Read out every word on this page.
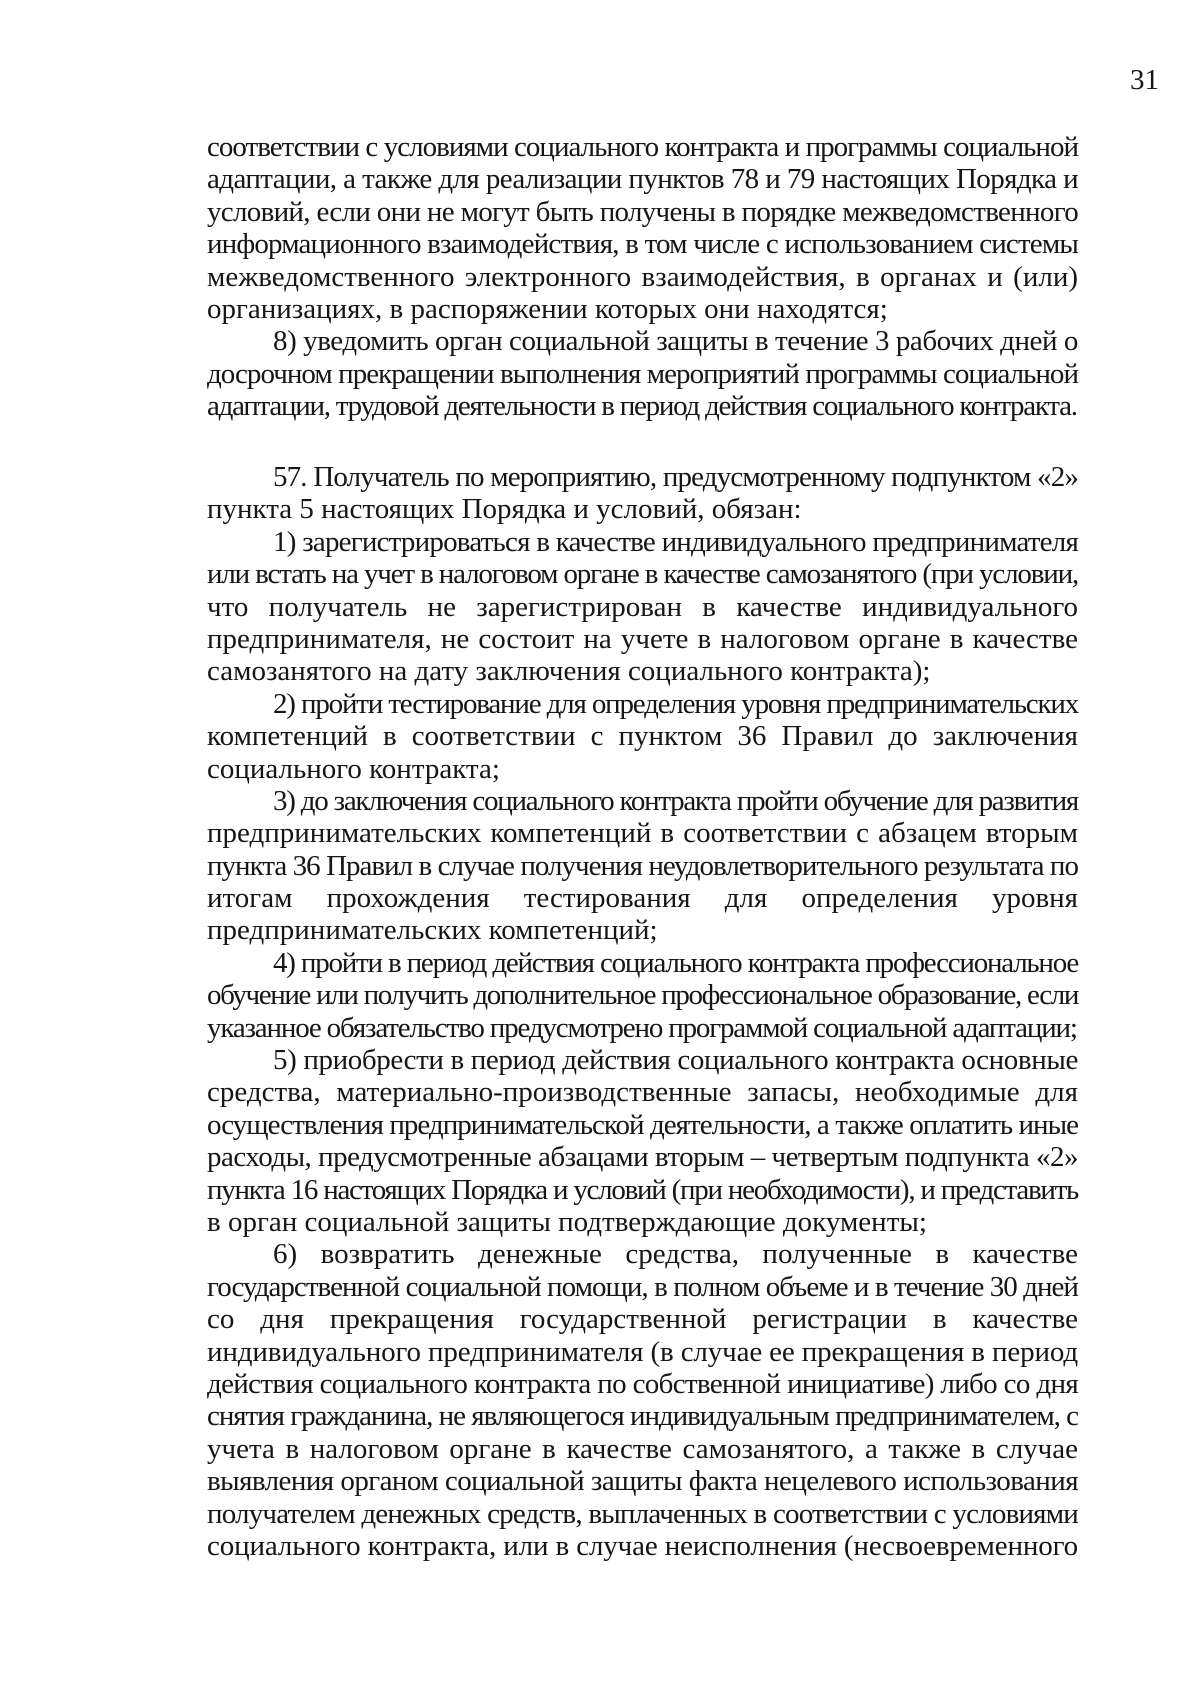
31
соответствии с условиями социального контракта и программы социальной
адаптации, а также для реализации пунктов 78 и 79 настоящих Порядка и
условий, если они не могут быть получены в порядке межведомственного
информационного взаимодействия, в том числе с использованием системы
межведомственного электронного взаимодействия, в органах и (или)
организациях, в распоряжении которых они находятся;
8) уведомить орган социальной защиты в течение 3 рабочих дней о
досрочном прекращении выполнения мероприятий программы социальной
адаптации, трудовой деятельности в период действия социального контракта.
57. Получатель по мероприятию, предусмотренному подпунктом «2»
пункта 5 настоящих Порядка и условий, обязан:
1) зарегистрироваться в качестве индивидуального предпринимателя
или встать на учет в налоговом органе в качестве самозанятого (при условии,
что получатель не зарегистрирован в качестве индивидуального
предпринимателя, не состоит на учете в налоговом органе в качестве
самозанятого на дату заключения социального контракта);
2) пройти тестирование для определения уровня предпринимательских
компетенций в соответствии с пунктом 36 Правил до заключения
социального контракта;
3) до заключения социального контракта пройти обучение для развития
предпринимательских компетенций в соответствии с абзацем вторым
пункта 36 Правил в случае получения неудовлетворительного результата по
итогам прохождения тестирования для определения уровня
предпринимательских компетенций;
4) пройти в период действия социального контракта профессиональное
обучение или получить дополнительное профессиональное образование, если
указанное обязательство предусмотрено программой социальной адаптации;
5) приобрести в период действия социального контракта основные
средства, материально-производственные запасы, необходимые для
осуществления предпринимательской деятельности, а также оплатить иные
расходы, предусмотренные абзацами вторым – четвертым подпункта «2»
пункта 16 настоящих Порядка и условий (при необходимости), и представить
в орган социальной защиты подтверждающие документы;
6) возвратить денежные средства, полученные в качестве
государственной социальной помощи, в полном объеме и в течение 30 дней
со дня прекращения государственной регистрации в качестве
индивидуального предпринимателя (в случае ее прекращения в период
действия социального контракта по собственной инициативе) либо со дня
снятия гражданина, не являющегося индивидуальным предпринимателем, с
учета в налоговом органе в качестве самозанятого, а также в случае
выявления органом социальной защиты факта нецелевого использования
получателем денежных средств, выплаченных в соответствии с условиями
социального контракта, или в случае неисполнения (несвоевременного
